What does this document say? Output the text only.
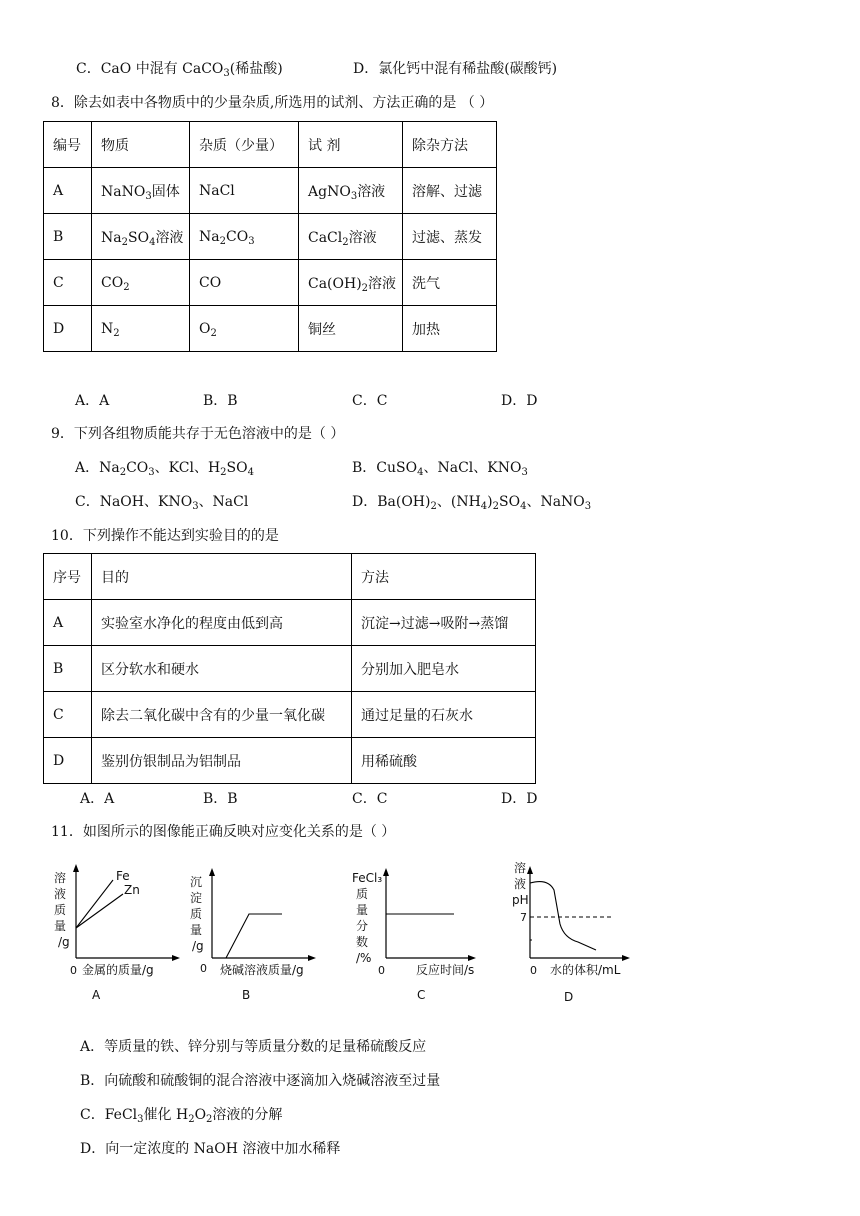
C．CaO 中混有 CaCO$_3$(稀盐酸)	D．氯化钙中混有稀盐酸(碳酸钙)
8．除去如表中各物质中的少量杂质,所选用的试剂、方法正确的是 （ ）
编号	物质	杂质（少量）	试 剂	除杂方法
A	NaNO$_3$固体	NaCl	AgNO$_3$溶液	溶解、过滤
B	$Na_2SO_4$溶液	$Na_2CO_3$	CaCl$_2$溶液	过滤、蒸发
C	$CO_2$	CO	$Ca(OH)_2$溶液	洗气
D	$N_2$	$O_2$	铜丝	加热
A．A	B．B	C．C	D．D
9．下列各组物质能共存于无色溶液中的是（ ）
A．$Na_2CO_3$、KCl、$H_2SO_4$	B．CuSO$_4$、NaCl、$KNO_3$
C．NaOH、$KNO_3$、NaCl	D．$Ba(OH)_2$、$(NH_4)_2SO_4$、NaNO$_3$
10．下列操作不能达到实验目的的是
序号	目的	方法
A	实验室水净化的程度由低到高	沉淀→过滤→吸附→蒸馏
B	区分软水和硬水	分别加入肥皂水
C	除去二氧化碳中含有的少量一氧化碳	通过足量的石灰水
D	鉴别仿银制品为铝制品	用稀硫酸
A．A	B．B	C．C	D．D
11．如图所示的图像能正确反映对应变化关系的是（ ）
溶
液
质
量
/g
Fe
Zn
0 金属的质量/g
A
沉
淀
质
量
/g
0 烧碱溶液质量/g
B
FeCl₃
质
量
分
数
/%
0	反应时间/s
C
溶
液
pH
7
0 水的体积/mL
D
A．等质量的铁、锌分别与等质量分数的足量稀硫酸反应
B．向硫酸和硫酸铜的混合溶液中逐滴加入烧碱溶液至过量
C．FeCl$_3$催化 $H_2O_2$溶液的分解
D．向一定浓度的 NaOH 溶液中加水稀释
